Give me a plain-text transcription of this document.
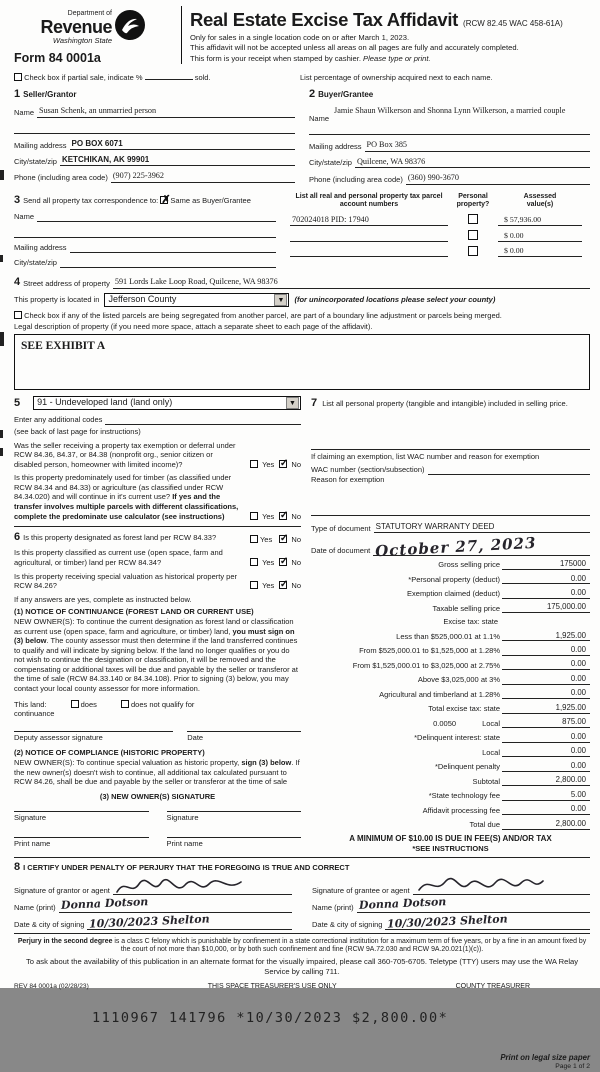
Department of
Revenue
Washington State
Form 84 0001a
Real Estate Excise Tax Affidavit (RCW 82.45 WAC 458-61A)
Only for sales in a single location code on or after March 1, 2023.
This affidavit will not be accepted unless all areas on all pages are fully and accurately completed.
This form is your receipt when stamped by cashier. Please type or print.
Check box if partial sale, indicate %	sold.	List percentage of ownership acquired next to each name.
1 Seller/Grantor
Name Susan Schenk, an unmarried person
Mailing address PO BOX 6071
City/state/zip KETCHIKAN, AK 99901
Phone (including area code) (907) 225-3962
2 Buyer/Grantee
Name
Jamie Shaun Wilkerson and Shonna Lynn Wilkerson, a married couple
Mailing address PO Box 385
City/state/zip Quilcene, WA 98376
Phone (including area code) (360) 990-3670
3 Send all property tax correspondence to: ✗ Same as Buyer/Grantee
Name
Mailing address
City/state/zip
List all real and personal property tax parcel account numbers
Personal
property?
Assessed
value(s)
702024018 PID: 17940	$ 57,936.00
$ 0.00
$ 0.00
4 Street address of property 591 Lords Lake Loop Road, Quilcene, WA 98376
This property is located in Jefferson County	▼	(for unincorporated locations please select your county)
Check box if any of the listed parcels are being segregated from another parcel, are part of a boundary line adjustment or parcels being merged.
Legal description of property (if you need more space, attach a separate sheet to each page of the affidavit).
SEE EXHIBIT A
5	91 - Undeveloped land (land only)	▼
Enter any additional codes
(see back of last page for instructions)
Was the seller receiving a property tax exemption or deferral under RCW 84.36, 84.37, or 84.38 (nonprofit org., senior citizen or disabled person, homeowner with limited income)?	Yes ✓ No
Is this property predominately used for timber (as classified under RCW 84.34 and 84.33) or agriculture (as classified under RCW 84.34.020) and will continue in it's current use? If yes and the transfer involves multiple parcels with different classifications, complete the predominate use calculator (see instructions)	Yes ✓ No
6 Is this property designated as forest land per RCW 84.33?	Yes ✓	No
Is this property classified as current use (open space, farm and agricultural, or timber) land per RCW 84.34?	Yes ✓ No
Is this property receiving special valuation as historical property per RCW 84.26?	Yes ✓ No
If any answers are yes, complete as instructed below.
(1) NOTICE OF CONTINUANCE (FOREST LAND OR CURRENT USE)
NEW OWNER(S): To continue the current designation as forest land or classification as current use (open space, farm and agriculture, or timber) land, you must sign on (3) below. The county assessor must then determine if the land transferred continues to qualify and will indicate by signing below. If the land no longer qualifies or you do not wish to continue the designation or classification, it will be removed and the compensating or additional taxes will be due and payable by the seller or transferor at the time of sale (RCW 84.33.140 or 84.34.108). Prior to signing (3) below, you may contact your local county assessor for more information.
This land:	does	does not qualify for
continuance
Deputy assessor signature	Date
(2) NOTICE OF COMPLIANCE (HISTORIC PROPERTY)
NEW OWNER(S): To continue special valuation as historic property, sign (3) below. If the new owner(s) doesn't wish to continue, all additional tax calculated pursuant to RCW 84.26, shall be due and payable by the seller or transferor at the time of sale
(3) NEW OWNER(S) SIGNATURE
Signature	Signature
Print name	Print name
7 List all personal property (tangible and intangible) included in selling price.
If claiming an exemption, list WAC number and reason for exemption
WAC number (section/subsection)
Reason for exemption
Type of document STATUTORY WARRANTY DEED
Date of document October 27, 2023
Gross selling price	175000
*Personal property (deduct)	0.00
Exemption claimed (deduct)	0.00
Taxable selling price	175,000.00
Excise tax: state
Less than $525,000.01 at 1.1%	1,925.00
From $525,000.01 to $1,525,000 at 1.28%	0.00
From $1,525,000.01 to $3,025,000 at 2.75%	0.00
Above $3,025,000 at 3%	0.00
Agricultural and timberland at 1.28%	0.00
Total excise tax: state	1,925.00
0.0050	Local	875.00
*Delinquent interest: state	0.00
Local	0.00
*Delinquent penalty	0.00
Subtotal	2,800.00
*State technology fee	5.00
Affidavit processing fee	0.00
Total due	2,800.00
A MINIMUM OF $10.00 IS DUE IN FEE(S) AND/OR TAX
*SEE INSTRUCTIONS
8 I CERTIFY UNDER PENALTY OF PERJURY THAT THE FOREGOING IS TRUE AND CORRECT
Signature of grantor or agent
Name (print) Donna Dotson
Date & city of signing 10/30/2023 Shelton
Signature of grantee or agent
Name (print) Donna Dotson
Date & city of signing 10/30/2023 Shelton

Perjury in the second degree is a class C felony which is punishable by confinement in a state correctional institution for a maximum term of five years, or by a fine in an amount fixed by the court of not more than $10,000, or by both such confinement and fine (RCW 9A.72.030 and RCW 9A.20.021(1)(c)).

To ask about the availability of this publication in an alternate format for the visually impaired, please call 360-705-6705. Teletype (TTY) users may use the WA Relay Service by calling 711.

REV 84 0001a (02/28/23)	THIS SPACE TREASURER'S USE ONLY	COUNTY TREASURER
1110967 141796 *10/30/2023 $2,800.00*
Print on legal size paper
Page 1 of 2
